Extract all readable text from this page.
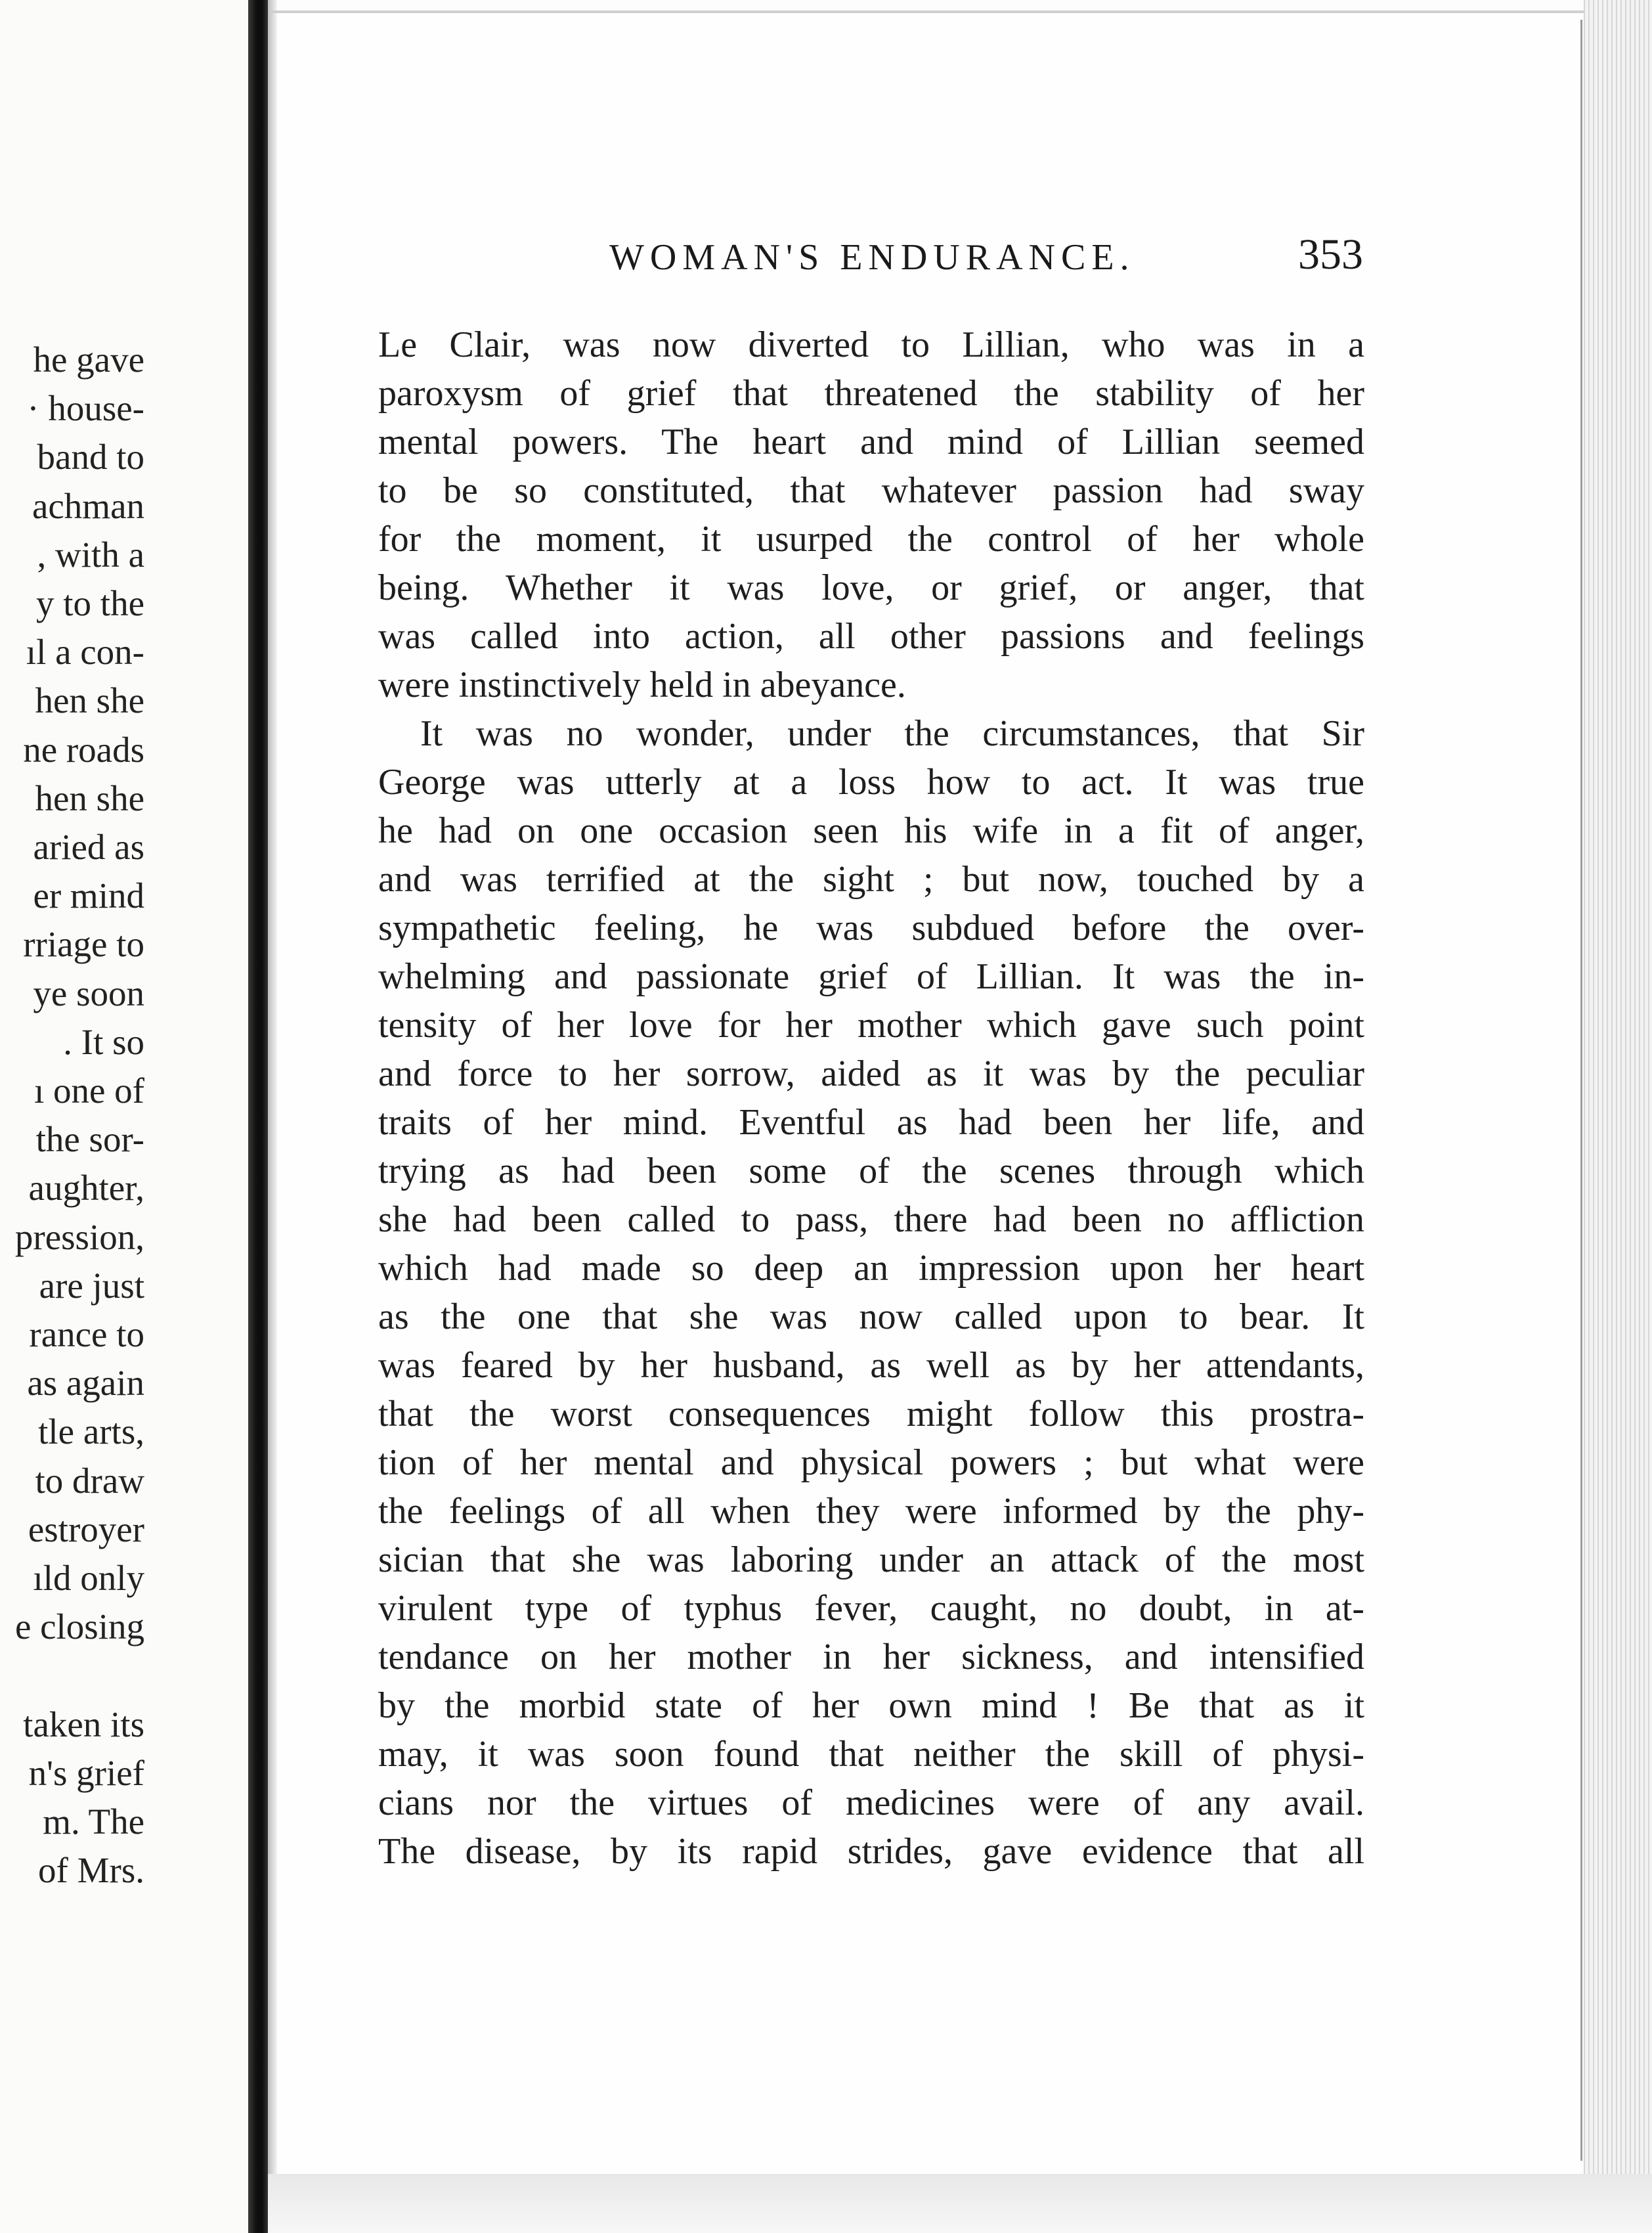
he gave
· house-
band to
achman
, with a
y to the
ıl a con-
hen she
ne roads
hen she
aried as
er mind
rriage to
ye soon
. It so
ı one of
the sor-
aughter,
pression,
are just
rance to
as again
tle arts,
to draw
estroyer
ıld only
e closing
taken its
n's grief
m. The
of Mrs.
WOMAN'S ENDURANCE.	353
Le Clair, was now diverted to Lillian, who was in a
paroxysm of grief that threatened the stability of her
mental powers. The heart and mind of Lillian seemed
to be so constituted, that whatever passion had sway
for the moment, it usurped the control of her whole
being. Whether it was love, or grief, or anger, that
was called into action, all other passions and feelings
were instinctively held in abeyance.
It was no wonder, under the circumstances, that Sir
George was utterly at a loss how to act. It was true
he had on one occasion seen his wife in a fit of anger,
and was terrified at the sight ; but now, touched by a
sympathetic feeling, he was subdued before the over-
whelming and passionate grief of Lillian. It was the in-
tensity of her love for her mother which gave such point
and force to her sorrow, aided as it was by the peculiar
traits of her mind. Eventful as had been her life, and
trying as had been some of the scenes through which
she had been called to pass, there had been no affliction
which had made so deep an impression upon her heart
as the one that she was now called upon to bear. It
was feared by her husband, as well as by her attendants,
that the worst consequences might follow this prostra-
tion of her mental and physical powers ; but what were
the feelings of all when they were informed by the phy-
sician that she was laboring under an attack of the most
virulent type of typhus fever, caught, no doubt, in at-
tendance on her mother in her sickness, and intensified
by the morbid state of her own mind ! Be that as it
may, it was soon found that neither the skill of physi-
cians nor the virtues of medicines were of any avail.
The disease, by its rapid strides, gave evidence that all
